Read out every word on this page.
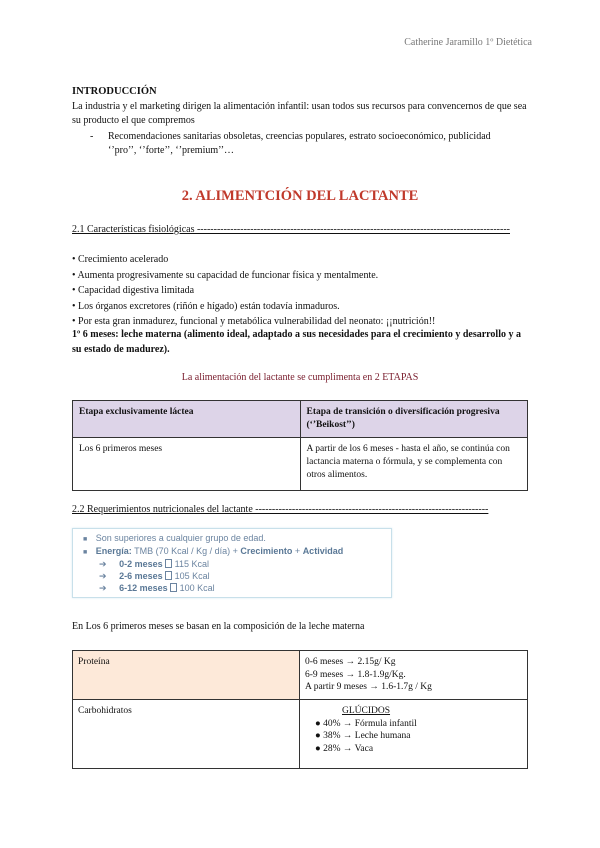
Catherine Jaramillo 1º Dietética
INTRODUCCIÓN
La industria y el marketing dirigen la alimentación infantil: usan todos sus recursos para convencernos de que sea su producto el que compremos
- Recomendaciones sanitarias obsoletas, creencias populares, estrato socioeconómico, publicidad ‘’pro’’, ‘’forte’’, ‘’premium’’…
2. ALIMENTCIÓN DEL LACTANTE
2.1 Características fisiológicas ----------------------------------------------------------------------------------------------
• Crecimiento acelerado
• Aumenta progresivamente su capacidad de funcionar física y mentalmente.
• Capacidad digestiva limitada
• Los órganos excretores (riñón e hígado) están todavía inmaduros.
• Por esta gran inmadurez, funcional y metabólica vulnerabilidad del neonato: ¡¡nutrición!!
1º 6 meses: leche materna (alimento ideal, adaptado a sus necesidades para el crecimiento y desarrollo y a su estado de madurez).
La alimentación del lactante se cumplimenta en 2 ETAPAS
Etapa exclusivamente láctea	Etapa de transición o diversificación progresiva (‘’Beikost’’)
Los 6 primeros meses	A partir de los 6 meses - hasta el año, se continúa con lactancia materna o fórmula, y se complementa con otros alimentos.
2.2 Requerimientos nutricionales del lactante ----------------------------------------------------------------------
■ Son superiores a cualquier grupo de edad.
■ Energía: TMB (70 Kcal / Kg / día) + Crecimiento + Actividad
➔ 0-2 meses  115 Kcal
➔ 2-6 meses  105 Kcal
➔ 6-12 meses  100 Kcal
En Los 6 primeros meses se basan en la composición de la leche materna
Proteína	0-6 meses → 2.15g/ Kg
6-9 meses → 1.8-1.9g/Kg.
A partir 9 meses → 1.6-1.7g / Kg

Carbohidratos	GLÚCIDOS
● 40% → Fórmula infantil
● 38% → Leche humana
● 28% → Vaca
